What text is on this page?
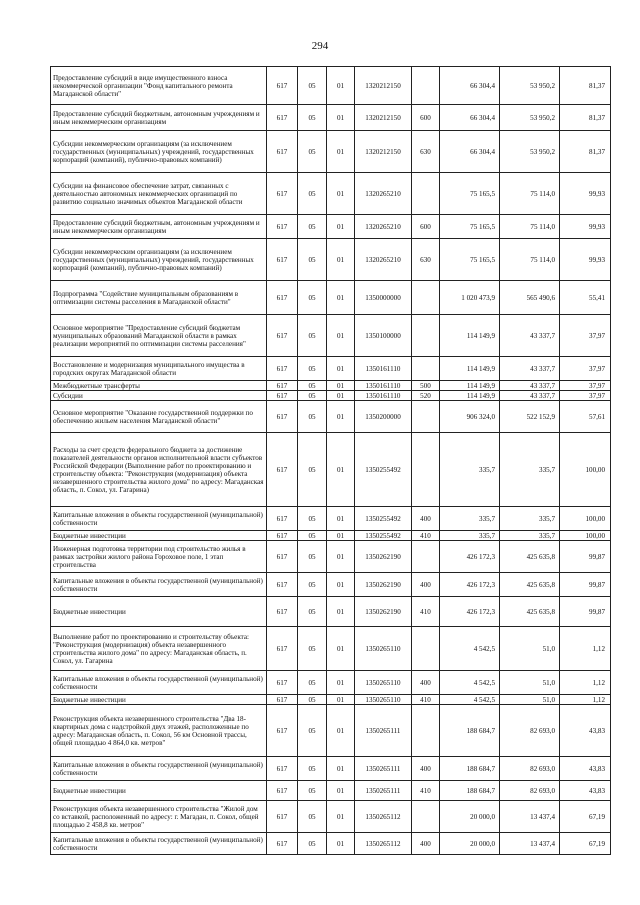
294
Предоставление субсидий в виде имущественного взноса некоммерческой организации "Фонд капитального ремонта Магаданской области"	617	05	01	1320212150		66 304,4	53 950,2	81,37
Предоставление субсидий бюджетным, автономным учреждениям и иным некоммерческим организациям	617	05	01	1320212150	600	66 304,4	53 950,2	81,37
Субсидии некоммерческим организациям (за исключением государственных (муниципальных) учреждений, государственных корпораций (компаний), публично-правовых компаний)	617	05	01	1320212150	630	66 304,4	53 950,2	81,37
Субсидии на финансовое обеспечение затрат, связанных с деятельностью автономных некоммерческих организаций по развитию социально значимых объектов Магаданской области	617	05	01	1320265210		75 165,5	75 114,0	99,93
Предоставление субсидий бюджетным, автономным учреждениям и иным некоммерческим организациям	617	05	01	1320265210	600	75 165,5	75 114,0	99,93
Субсидии некоммерческим организациям (за исключением государственных (муниципальных) учреждений, государственных корпораций (компаний), публично-правовых компаний)	617	05	01	1320265210	630	75 165,5	75 114,0	99,93
Подпрограмма "Содействие муниципальным образованиям в оптимизации системы расселения в Магаданской области"	617	05	01	1350000000		1 020 473,9	565 490,6	55,41
Основное мероприятие "Предоставление субсидий бюджетам муниципальных образований Магаданской области в рамках реализации мероприятий по оптимизации системы расселения"	617	05	01	1350100000		114 149,9	43 337,7	37,97
Восстановление и модернизация муниципального имущества в городских округах Магаданской области	617	05	01	1350161110		114 149,9	43 337,7	37,97
Межбюджетные трансферты	617	05	01	1350161110	500	114 149,9	43 337,7	37,97
Субсидии	617	05	01	1350161110	520	114 149,9	43 337,7	37,97
Основное мероприятие "Оказание государственной поддержки по обеспечению жильем населения Магаданской области"	617	05	01	1350200000		906 324,0	522 152,9	57,61
Расходы за счет средств федерального бюджета за достижение показателей деятельности органов исполнительной власти субъектов Российской Федерации (Выполнение работ по проектированию и строительству объекта: "Реконструкция (модернизация) объекта незавершенного строительства жилого дома" по адресу: Магаданская область, п. Сокол, ул. Гагарина)	617	05	01	1350255492		335,7	335,7	100,00
Капитальные вложения в объекты государственной (муниципальной) собственности	617	05	01	1350255492	400	335,7	335,7	100,00
Бюджетные инвестиции	617	05	01	1350255492	410	335,7	335,7	100,00
Инженерная подготовка территории под строительство жилья в рамках застройки жилого района Гороховое поле, 1 этап строительства	617	05	01	1350262190		426 172,3	425 635,8	99,87
Капитальные вложения в объекты государственной (муниципальной) собственности	617	05	01	1350262190	400	426 172,3	425 635,8	99,87
Бюджетные инвестиции	617	05	01	1350262190	410	426 172,3	425 635,8	99,87
Выполнение работ по проектированию и строительству объекта: "Реконструкция (модернизация) объекта незавершенного строительства жилого дома" по адресу: Магаданская область, п. Сокол, ул. Гагарина	617	05	01	1350265110		4 542,5	51,0	1,12
Капитальные вложения в объекты государственной (муниципальной) собственности	617	05	01	1350265110	400	4 542,5	51,0	1,12
Бюджетные инвестиции	617	05	01	1350265110	410	4 542,5	51,0	1,12
Реконструкция объекта незавершенного строительства "Два 18-квартирных дома с надстройкой двух этажей, расположенные по адресу: Магаданская область, п. Сокол, 56 км Основной трассы, общей площадью 4 864,0 кв. метров"	617	05	01	1350265111		188 684,7	82 693,0	43,83
Капитальные вложения в объекты государственной (муниципальной) собственности	617	05	01	1350265111	400	188 684,7	82 693,0	43,83
Бюджетные инвестиции	617	05	01	1350265111	410	188 684,7	82 693,0	43,83
Реконструкция объекта незавершенного строительства "Жилой дом со вставкой, расположенный по адресу: г. Магадан, п. Сокол, общей площадью 2 458,8 кв. метров"	617	05	01	1350265112		20 000,0	13 437,4	67,19
Капитальные вложения в объекты государственной (муниципальной) собственности	617	05	01	1350265112	400	20 000,0	13 437,4	67,19
